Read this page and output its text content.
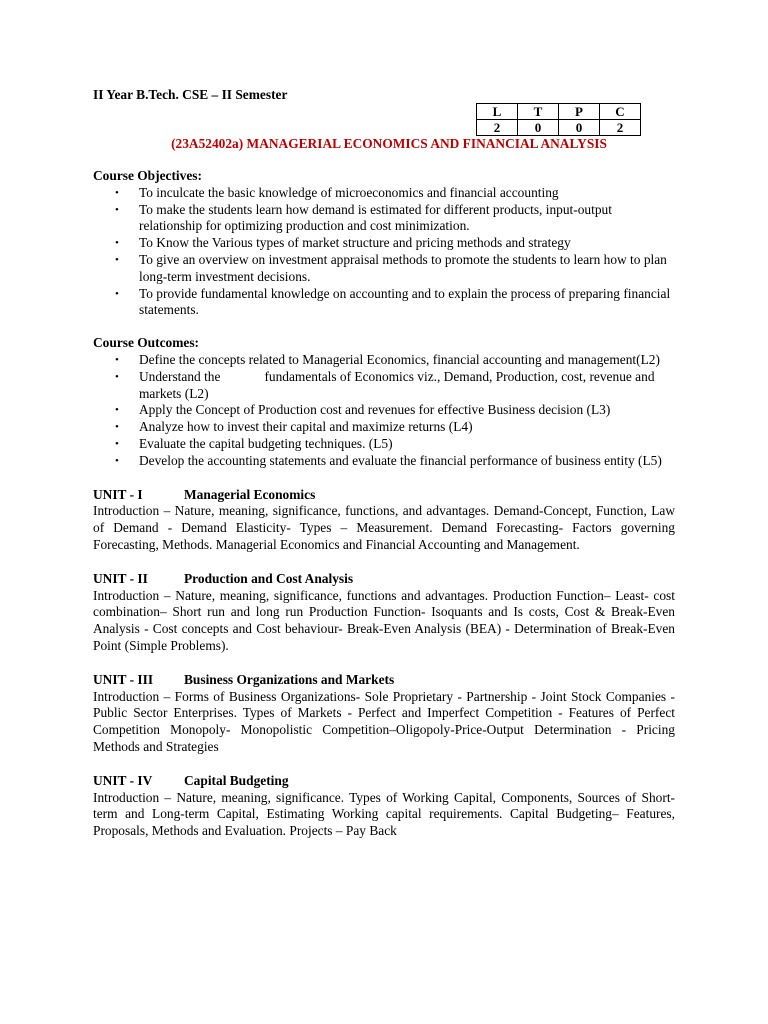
II Year B.Tech. CSE – II Semester

L	T	P	C
2	0	0	2

(23A52402a) MANAGERIAL ECONOMICS AND FINANCIAL ANALYSIS

Course Objectives:

• To inculcate the basic knowledge of microeconomics and financial accounting
• To make the students learn how demand is estimated for different products, input-output relationship for optimizing production and cost minimization.
• To Know the Various types of market structure and pricing methods and strategy
• To give an overview on investment appraisal methods to promote the students to learn how to plan long-term investment decisions.
• To provide fundamental knowledge on accounting and to explain the process of preparing financial statements.

Course Outcomes:

• Define the concepts related to Managerial Economics, financial accounting and management(L2)
• Understand the	fundamentals of Economics viz., Demand, Production, cost, revenue and markets (L2)
• Apply the Concept of Production cost and revenues for effective Business decision (L3)
• Analyze how to invest their capital and maximize returns (L4)
• Evaluate the capital budgeting techniques. (L5)
• Develop the accounting statements and evaluate the financial performance of business entity (L5)

UNIT - I	Managerial Economics

Introduction – Nature, meaning, significance, functions, and advantages. Demand-Concept, Function, Law of Demand - Demand Elasticity- Types – Measurement. Demand Forecasting- Factors governing Forecasting, Methods. Managerial Economics and Financial Accounting and Management.

UNIT - II	Production and Cost Analysis

Introduction – Nature, meaning, significance, functions and advantages. Production Function– Least- cost combination– Short run and long run Production Function- Isoquants and Is costs, Cost & Break-Even Analysis - Cost concepts and Cost behaviour- Break-Even Analysis (BEA) - Determination of Break-Even Point (Simple Problems).

UNIT - III	Business Organizations and Markets

Introduction – Forms of Business Organizations- Sole Proprietary - Partnership - Joint Stock Companies - Public Sector Enterprises. Types of Markets - Perfect and Imperfect Competition - Features of Perfect Competition Monopoly- Monopolistic Competition–Oligopoly-Price-Output Determination - Pricing Methods and Strategies

UNIT - IV	Capital Budgeting

Introduction – Nature, meaning, significance. Types of Working Capital, Components, Sources of Short-term and Long-term Capital, Estimating Working capital requirements. Capital Budgeting– Features, Proposals, Methods and Evaluation. Projects – Pay Back
